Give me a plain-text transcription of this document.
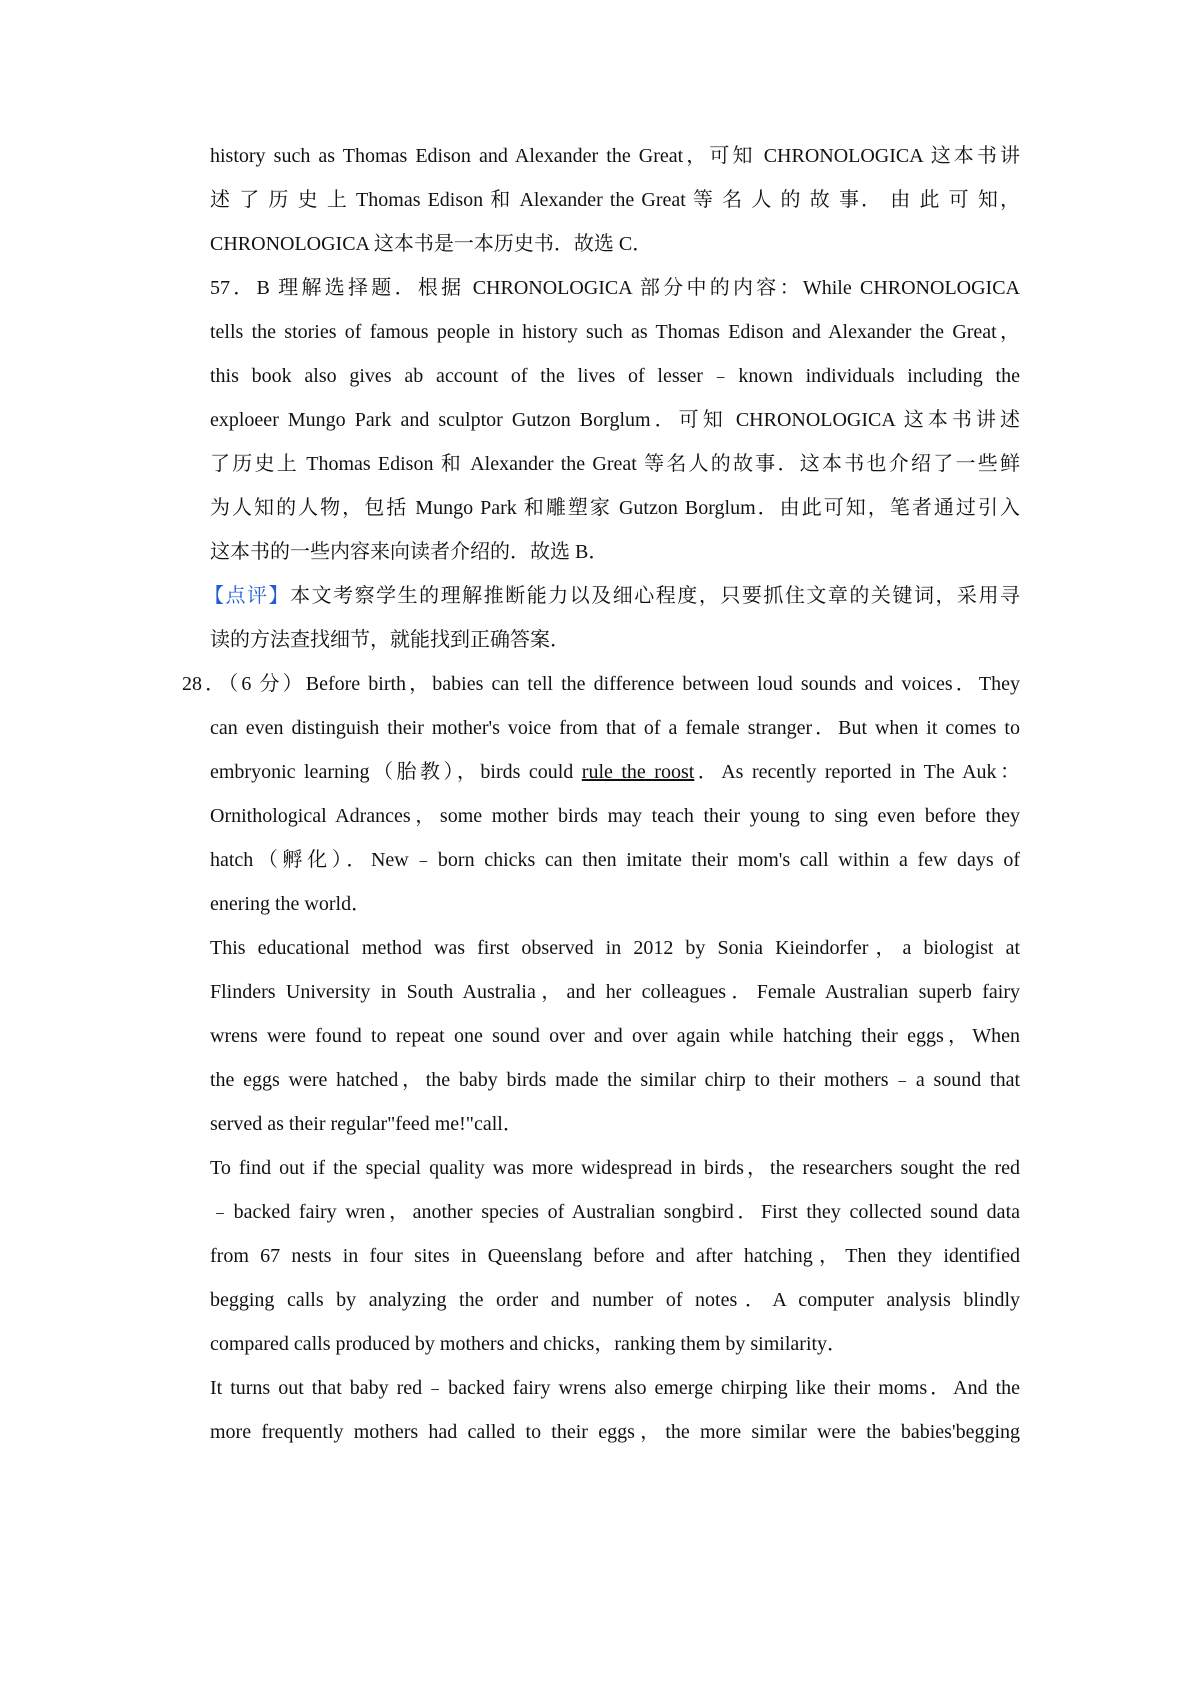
history such as Thomas Edison and Alexander the Great，可知 CHRONOLOGICA 这本书讲
述 了 历 史 上 Thomas Edison 和 Alexander the Great 等 名 人 的 故 事． 由 此 可 知，
CHRONOLOGICA 这本书是一本历史书．故选 C．
57．B 理解选择题．根据 CHRONOLOGICA 部分中的内容：While CHRONOLOGICA
tells the stories of famous people in history such as Thomas Edison and Alexander the Great，
this book also gives ab account of the lives of lesser﹣known individuals including the
exploeer Mungo Park and sculptor Gutzon Borglum．可知 CHRONOLOGICA 这本书讲述
了历史上 Thomas Edison 和 Alexander the Great 等名人的故事．这本书也介绍了一些鲜
为人知的人物，包括 Mungo Park 和雕塑家 Gutzon Borglum．由此可知，笔者通过引入
这本书的一些内容来向读者介绍的．故选 B．
【点评】本文考察学生的理解推断能力以及细心程度，只要抓住文章的关键词，采用寻
读的方法查找细节，就能找到正确答案．
28．（6 分）Before birth，babies can tell the difference between loud sounds and voices．They
can even distinguish their mother's voice from that of a female stranger．But when it comes to
embryonic learning（胎教），birds could rule the roost．As recently reported in The Auk：
Ornithological Adrances，some mother birds may teach their young to sing even before they
hatch（孵化）．New﹣born chicks can then imitate their mom's call within a few days of
enering the world．
This educational method was first observed in 2012 by Sonia Kieindorfer，a biologist at
Flinders University in South Australia，and her colleagues．Female Australian superb fairy
wrens were found to repeat one sound over and over again while hatching their eggs，When
the eggs were hatched，the baby birds made the similar chirp to their mothers﹣a sound that
served as their regular"feed me!"call．
To find out if the special quality was more widespread in birds，the researchers sought the red
﹣backed fairy wren，another species of Australian songbird．First they collected sound data
from 67 nests in four sites in Queenslang before and after hatching，Then they identified
begging calls by analyzing the order and number of notes．A computer analysis blindly
compared calls produced by mothers and chicks，ranking them by similarity．
It turns out that baby red﹣backed fairy wrens also emerge chirping like their moms．And the
more frequently mothers had called to their eggs，the more similar were the babies'begging
